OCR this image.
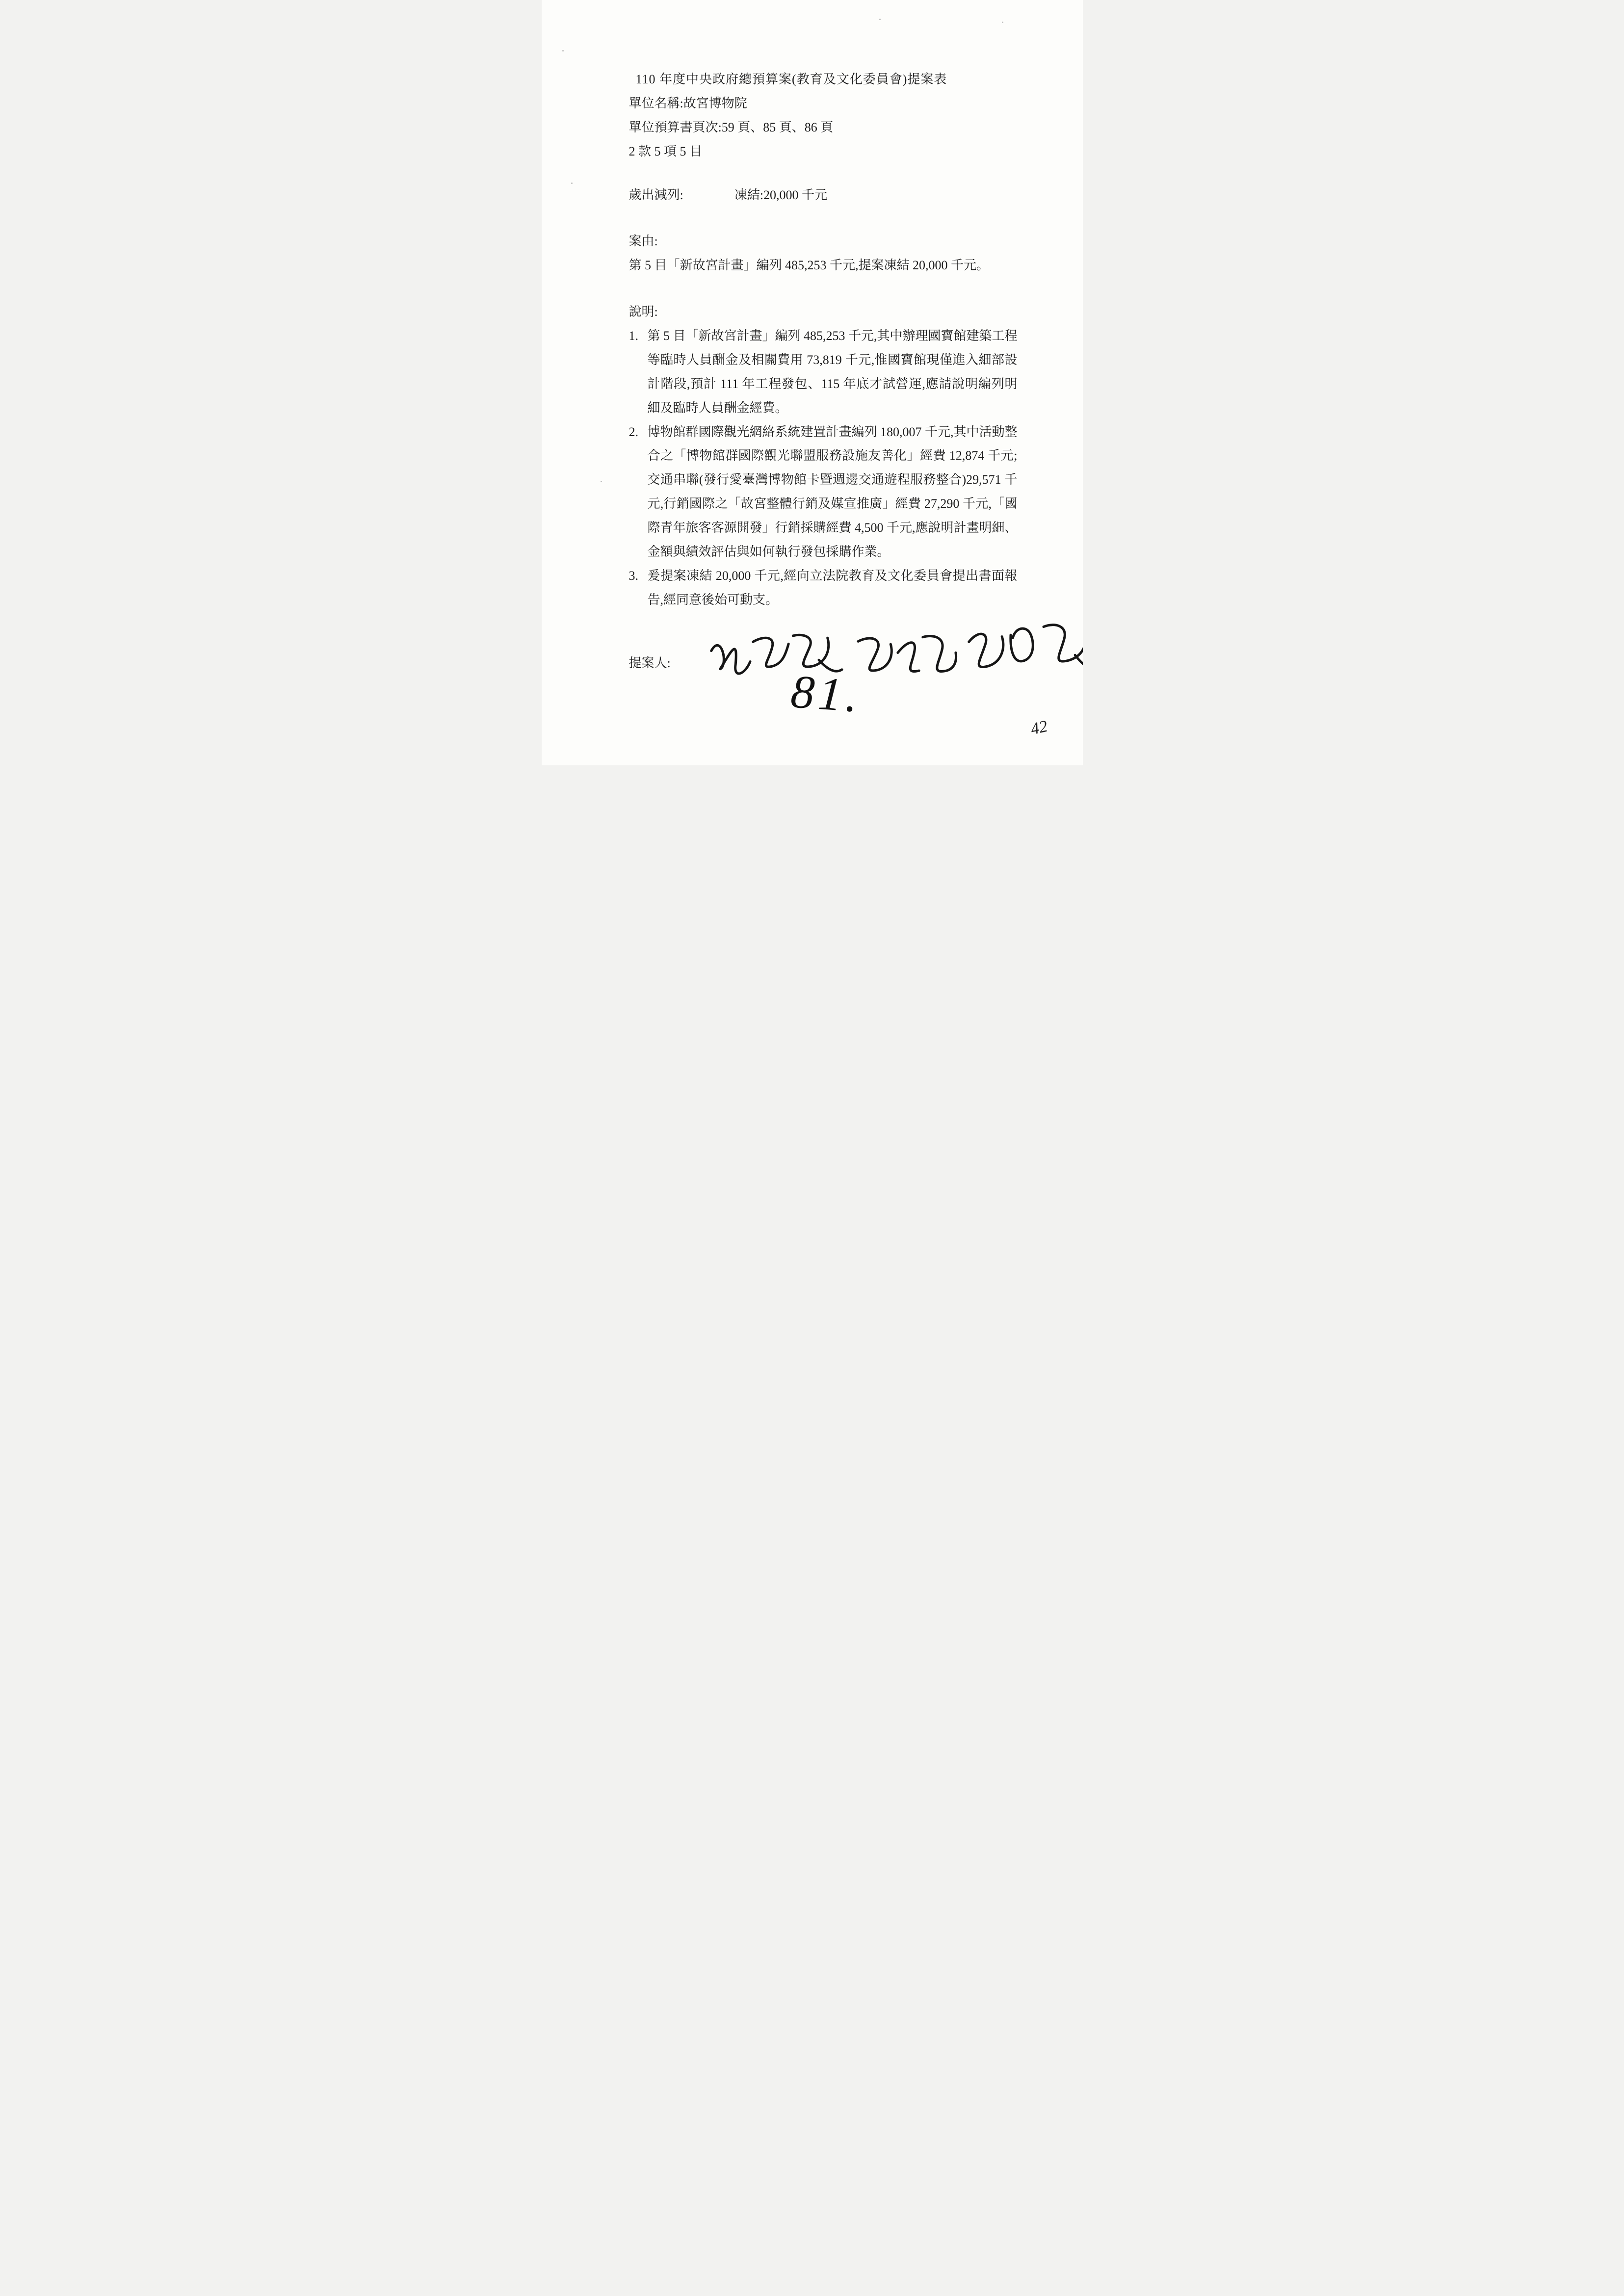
110 年度中央政府總預算案(教育及文化委員會)提案表
單位名稱:故宮博物院
單位預算書頁次:59 頁、85 頁、86 頁
2 款 5 項 5 目
歲出減列:	凍結:20,000 千元
案由:
第 5 目「新故宮計畫」編列 485,253 千元,提案凍結 20,000 千元。
說明:
1. 第 5 目「新故宮計畫」編列 485,253 千元,其中辦理國寶館建築工程等臨時人員酬金及相關費用 73,819 千元,惟國寶館現僅進入細部設計階段,預計 111 年工程發包、115 年底才試營運,應請說明編列明細及臨時人員酬金經費。
2. 博物館群國際觀光網絡系統建置計畫編列 180,007 千元,其中活動整合之「博物館群國際觀光聯盟服務設施友善化」經費 12,874 千元;交通串聯(發行愛臺灣博物館卡暨週邊交通遊程服務整合)29,571 千元,行銷國際之「故宮整體行銷及媒宣推廣」經費 27,290 千元,「國際青年旅客客源開發」行銷採購經費 4,500 千元,應說明計畫明細、金額與績效評估與如何執行發包採購作業。
3. 爰提案凍結 20,000 千元,經向立法院教育及文化委員會提出書面報告,經同意後始可動支。
提案人:
81.
42
